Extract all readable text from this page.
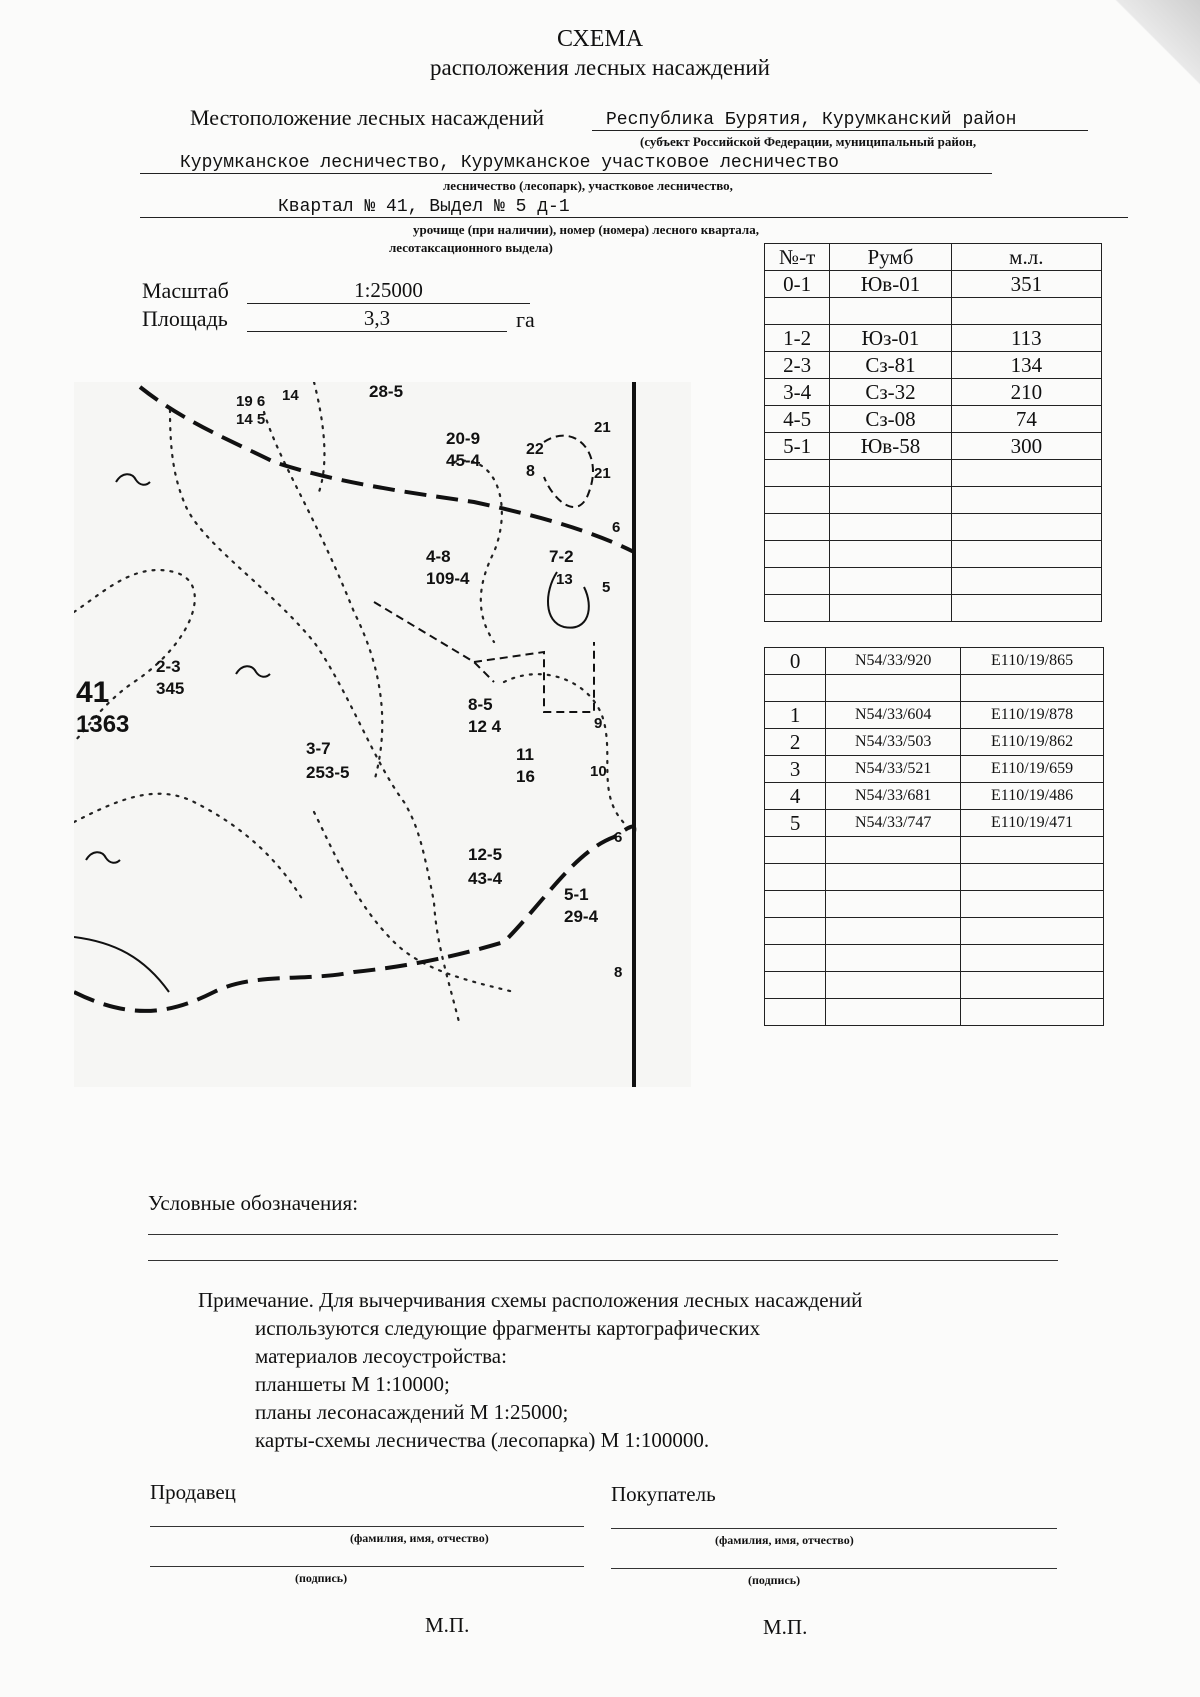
СХЕМА
расположения лесных насаждений
Местоположение лесных насаждений	Республика Бурятия, Курумканский район
(субъект Российской Федерации, муниципальный район,
Курумканское лесничество, Курумканское участковое лесничество
лесничество (лесопарк), участковое лесничество,
Квартал № 41, Выдел № 5 д-1
урочище (при наличии), номер (номера) лесного квартала,
лесотаксационного выдела)
Масштаб	1:25000
Площадь	3,3	га
№-т	Румб	м.л.
0-1	Юв-01	351

1-2	Юз-01	113
2-3	Сз-81	134
3-4	Сз-32	210
4-5	Сз-08	74
5-1	Юв-58	300

0	N54/33/920	E110/19/865

1	N54/33/604	E110/19/878
2	N54/33/503	E110/19/862
3	N54/33/521	E110/19/659
4	N54/33/681	E110/19/486
5	N54/33/747	E110/19/471

28-5
19 6
14 5
14
20-9
45-4
22
8
21
21
4-8
109-4
7-2
13 5
6
41
1363
2-3
345
3-7
253-5
8-5
12 4
11
16
9
10
12-5
43-4
5-1
29-4
6
8
Условные обозначения:
Примечание. Для вычерчивания схемы расположения лесных насаждений
используются следующие фрагменты картографических
материалов лесоустройства:
планшеты М 1:10000;
планы лесонасаждений М 1:25000;
карты-схемы лесничества (лесопарка) М 1:100000.
Продавец
(фамилия, имя, отчество)
(подпись)
М.П.
Покупатель
(фамилия, имя, отчество)
(подпись)
М.П.
